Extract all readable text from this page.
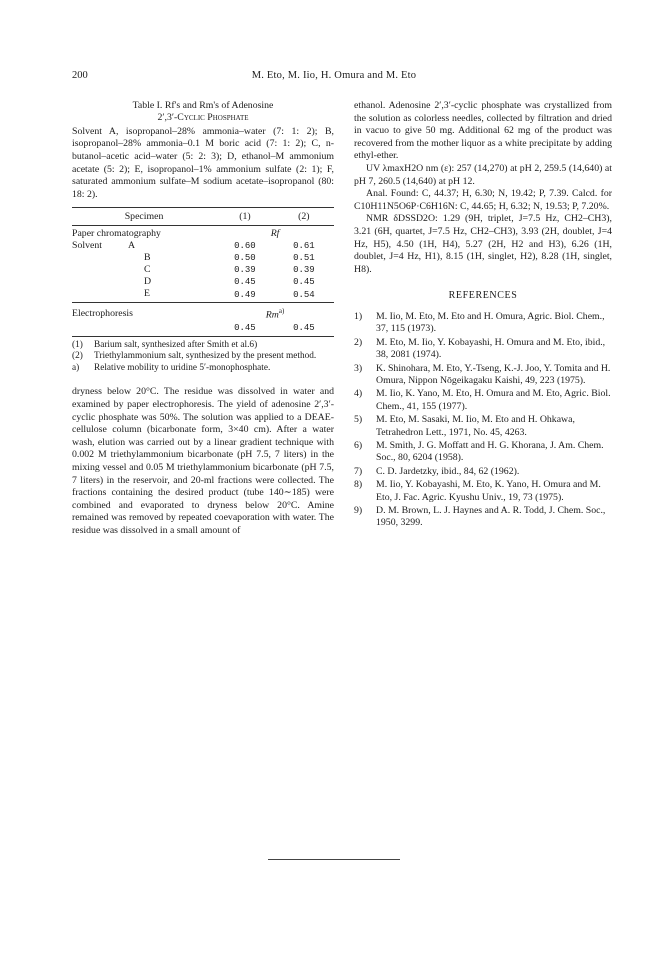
200	M. Eto, M. Iio, H. Omura and M. Eto
Table I. Rf's and Rm's of Adenosine
2′,3′-Cyclic Phosphate
Solvent A, isopropanol–28% ammonia–water (7: 1: 2); B, isopropanol–28% ammonia–0.1 M boric acid (7: 1: 2); C, n-butanol–acetic acid–water (5: 2: 3); D, ethanol–M ammonium acetate (5: 2); E, isopropanol–1% ammonium sulfate (2: 1); F, saturated ammonium sulfate–M sodium acetate–isopropanol (80: 18: 2).
Specimen	(1)	(2)
Paper chromatography	Rf	
Solvent A	0.60	0.61
B	0.50	0.51
C	0.39	0.39
D	0.45	0.45
E	0.49	0.54
Electrophoresis	Rm$^{a)}$
	0.45	0.45
(1)	Barium salt, synthesized after Smith et al.6)
(2)	Triethylammonium salt, synthesized by the present method.
a)	Relative mobility to uridine 5′-monophosphate.

dryness below 20°C. The residue was dissolved in water and examined by paper electrophoresis. The yield of adenosine 2′,3′-cyclic phosphate was 50%. The solution was applied to a DEAE-cellulose column (bicarbonate form, 3×40 cm). After a water wash, elution was carried out by a linear gradient technique with 0.002 M triethylammonium bicarbonate (pH 7.5, 7 liters) in the mixing vessel and 0.05 M triethylammonium bicarbonate (pH 7.5, 7 liters) in the reservoir, and 20-ml fractions were collected. The fractions containing the desired product (tube 140∼185) were combined and evaporated to dryness below 20°C. Amine remained was removed by repeated coevaporation with water. The residue was dissolved in a small amount of

ethanol. Adenosine 2′,3′-cyclic phosphate was crystallized from the solution as colorless needles, collected by filtration and dried in vacuo to give 50 mg. Additional 62 mg of the product was recovered from the mother liquor as a white precipitate by adding ethyl-ether.

UV λmaxH2O nm (ε): 257 (14,270) at pH 2, 259.5 (14,640) at pH 7, 260.5 (14,640) at pH 12.

Anal. Found: C, 44.37; H, 6.30; N, 19.42; P, 7.39. Calcd. for C10H11N5O6P·C6H16N: C, 44.65; H, 6.32; N, 19.53; P, 7.20%.

NMR δDSSD2O: 1.29 (9H, triplet, J=7.5 Hz, CH2–CH3), 3.21 (6H, quartet, J=7.5 Hz, CH2–CH3), 3.93 (2H, doublet, J=4 Hz, H5), 4.50 (1H, H4), 5.27 (2H, H2 and H3), 6.26 (1H, doublet, J=4 Hz, H1), 8.15 (1H, singlet, H2), 8.28 (1H, singlet, H8).

REFERENCES
1)	M. Iio, M. Eto, M. Eto and H. Omura, Agric. Biol. Chem., 37, 115 (1973).
2)	M. Eto, M. Iio, Y. Kobayashi, H. Omura and M. Eto, ibid., 38, 2081 (1974).
3)	K. Shinohara, M. Eto, Y.-Tseng, K.-J. Joo, Y. Tomita and H. Omura, Nippon Nōgeikagaku Kaishi, 49, 223 (1975).
4)	M. Iio, K. Yano, M. Eto, H. Omura and M. Eto, Agric. Biol. Chem., 41, 155 (1977).
5)	M. Eto, M. Sasaki, M. Iio, M. Eto and H. Ohkawa, Tetrahedron Lett., 1971, No. 45, 4263.
6)	M. Smith, J. G. Moffatt and H. G. Khorana, J. Am. Chem. Soc., 80, 6204 (1958).
7)	C. D. Jardetzky, ibid., 84, 62 (1962).
8)	M. Iio, Y. Kobayashi, M. Eto, K. Yano, H. Omura and M. Eto, J. Fac. Agric. Kyushu Univ., 19, 73 (1975).
9)	D. M. Brown, L. J. Haynes and A. R. Todd, J. Chem. Soc., 1950, 3299.
